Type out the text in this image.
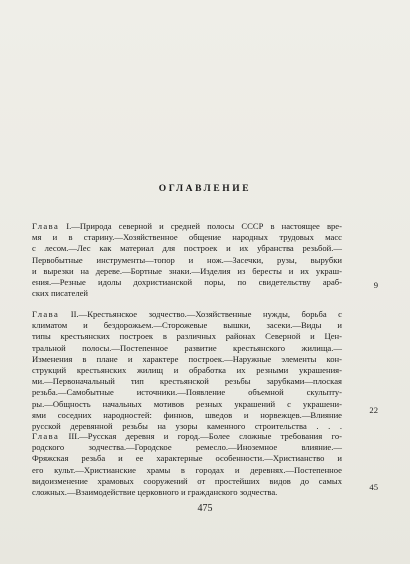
ОГЛАВЛЕНИЕ
Глава I.—Природа северной и средней полосы СССР в настоящее вре-
мя и в старину.—Хозяйственное общение народных трудовых масс
с лесом.—Лес как материал для построек и их убранства резьбой.—
Первобытные инструменты—топор и нож.—Засечки, рузы, вырубки
и вырезки на дереве.—Бортные знаки.—Изделия из бересты и их украш-
ения.—Резные идолы дохристианской поры, по свидетельству араб-
ских писателей
9
Глава II.—Крестьянское зодчество.—Хозяйственные нужды, борьба с
климатом и бездорожьем.—Сторожевые вышки, засеки.—Виды и
типы крестьянских построек в различных районах Северной и Цен-
тральной полосы.—Постепенное развитие крестьянского жилища.—
Изменения в плане и характере построек.—Наружные элементы кон-
струкций крестьянских жилищ и обработка их резными украшения-
ми.—Первоначальный тип крестьянской резьбы зарубками—плоская
резьба.—Самобытные источники.—Появление объемной скульпту-
ры.—Общность начальных мотивов резных украшений с украшени-
ями соседних народностей: финнов, шведов и норвежцев.—Влияние
русской деревянной резьбы на узоры каменного строительства . . .
22
Глава III.—Русская деревня и город.—Более сложные требования го-
родского зодчества.—Городское ремесло.—Иноземное влияние.—
Фряжская резьба и ее характерные особенности.—Христианство и
его культ.—Христианские храмы в городах и деревнях.—Постепенное
видоизменение храмовых сооружений от простейших видов до самых
сложных.—Взаимодействие церковного и гражданского зодчества.
45
475
